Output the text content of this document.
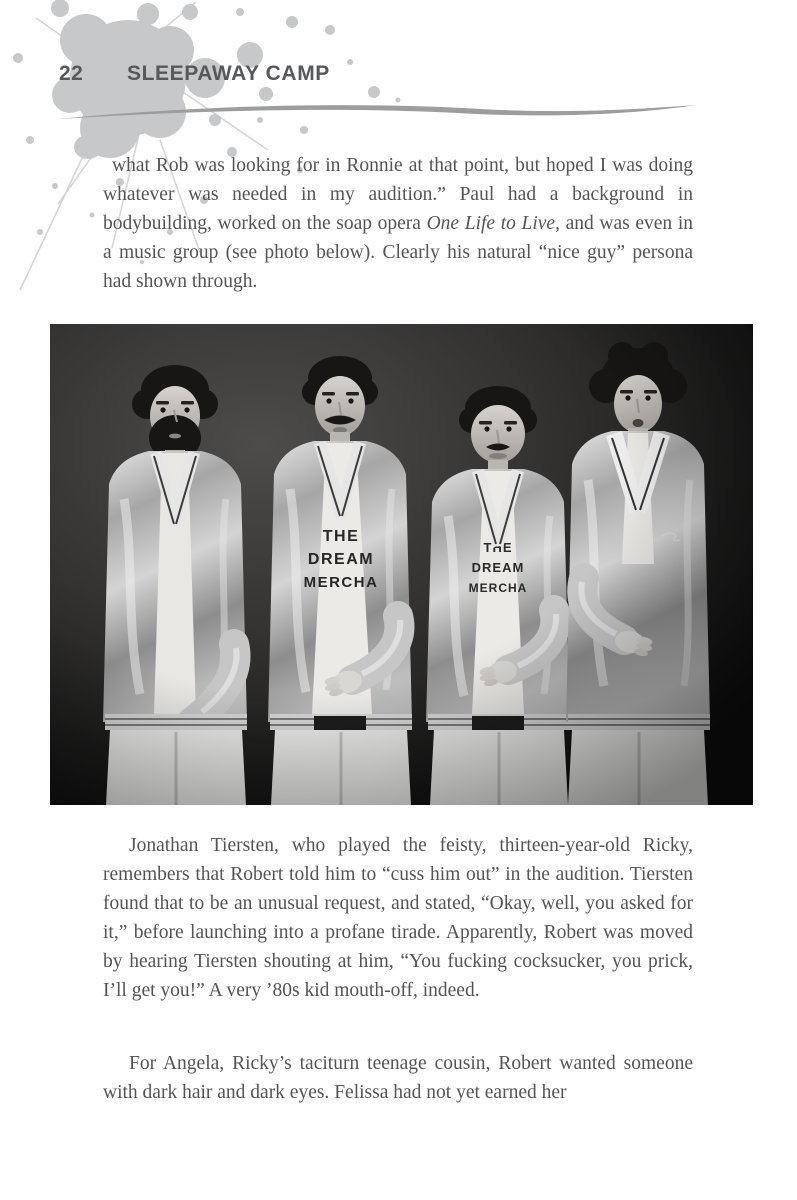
22 SLEEPAWAY CAMP

what Rob was looking for in Ronnie at that point, but hoped I was doing whatever was needed in my audition.” Paul had a background in bodybuilding, worked on the soap opera One Life to Live, and was even in a music group (see photo below). Clearly his natural “nice guy” persona had shown through.

Jonathan Tiersten, who played the feisty, thirteen-year-old Ricky, remembers that Robert told him to “cuss him out” in the audition. Tiersten found that to be an unusual request, and stated, “Okay, well, you asked for it,” before launching into a profane tirade. Apparently, Robert was moved by hearing Tiersten shouting at him, “You fucking cocksucker, you prick, I’ll get you!” A very ’80s kid mouth-off, indeed.

For Angela, Ricky’s taciturn teenage cousin, Robert wanted someone with dark hair and dark eyes. Felissa had not yet earned her
